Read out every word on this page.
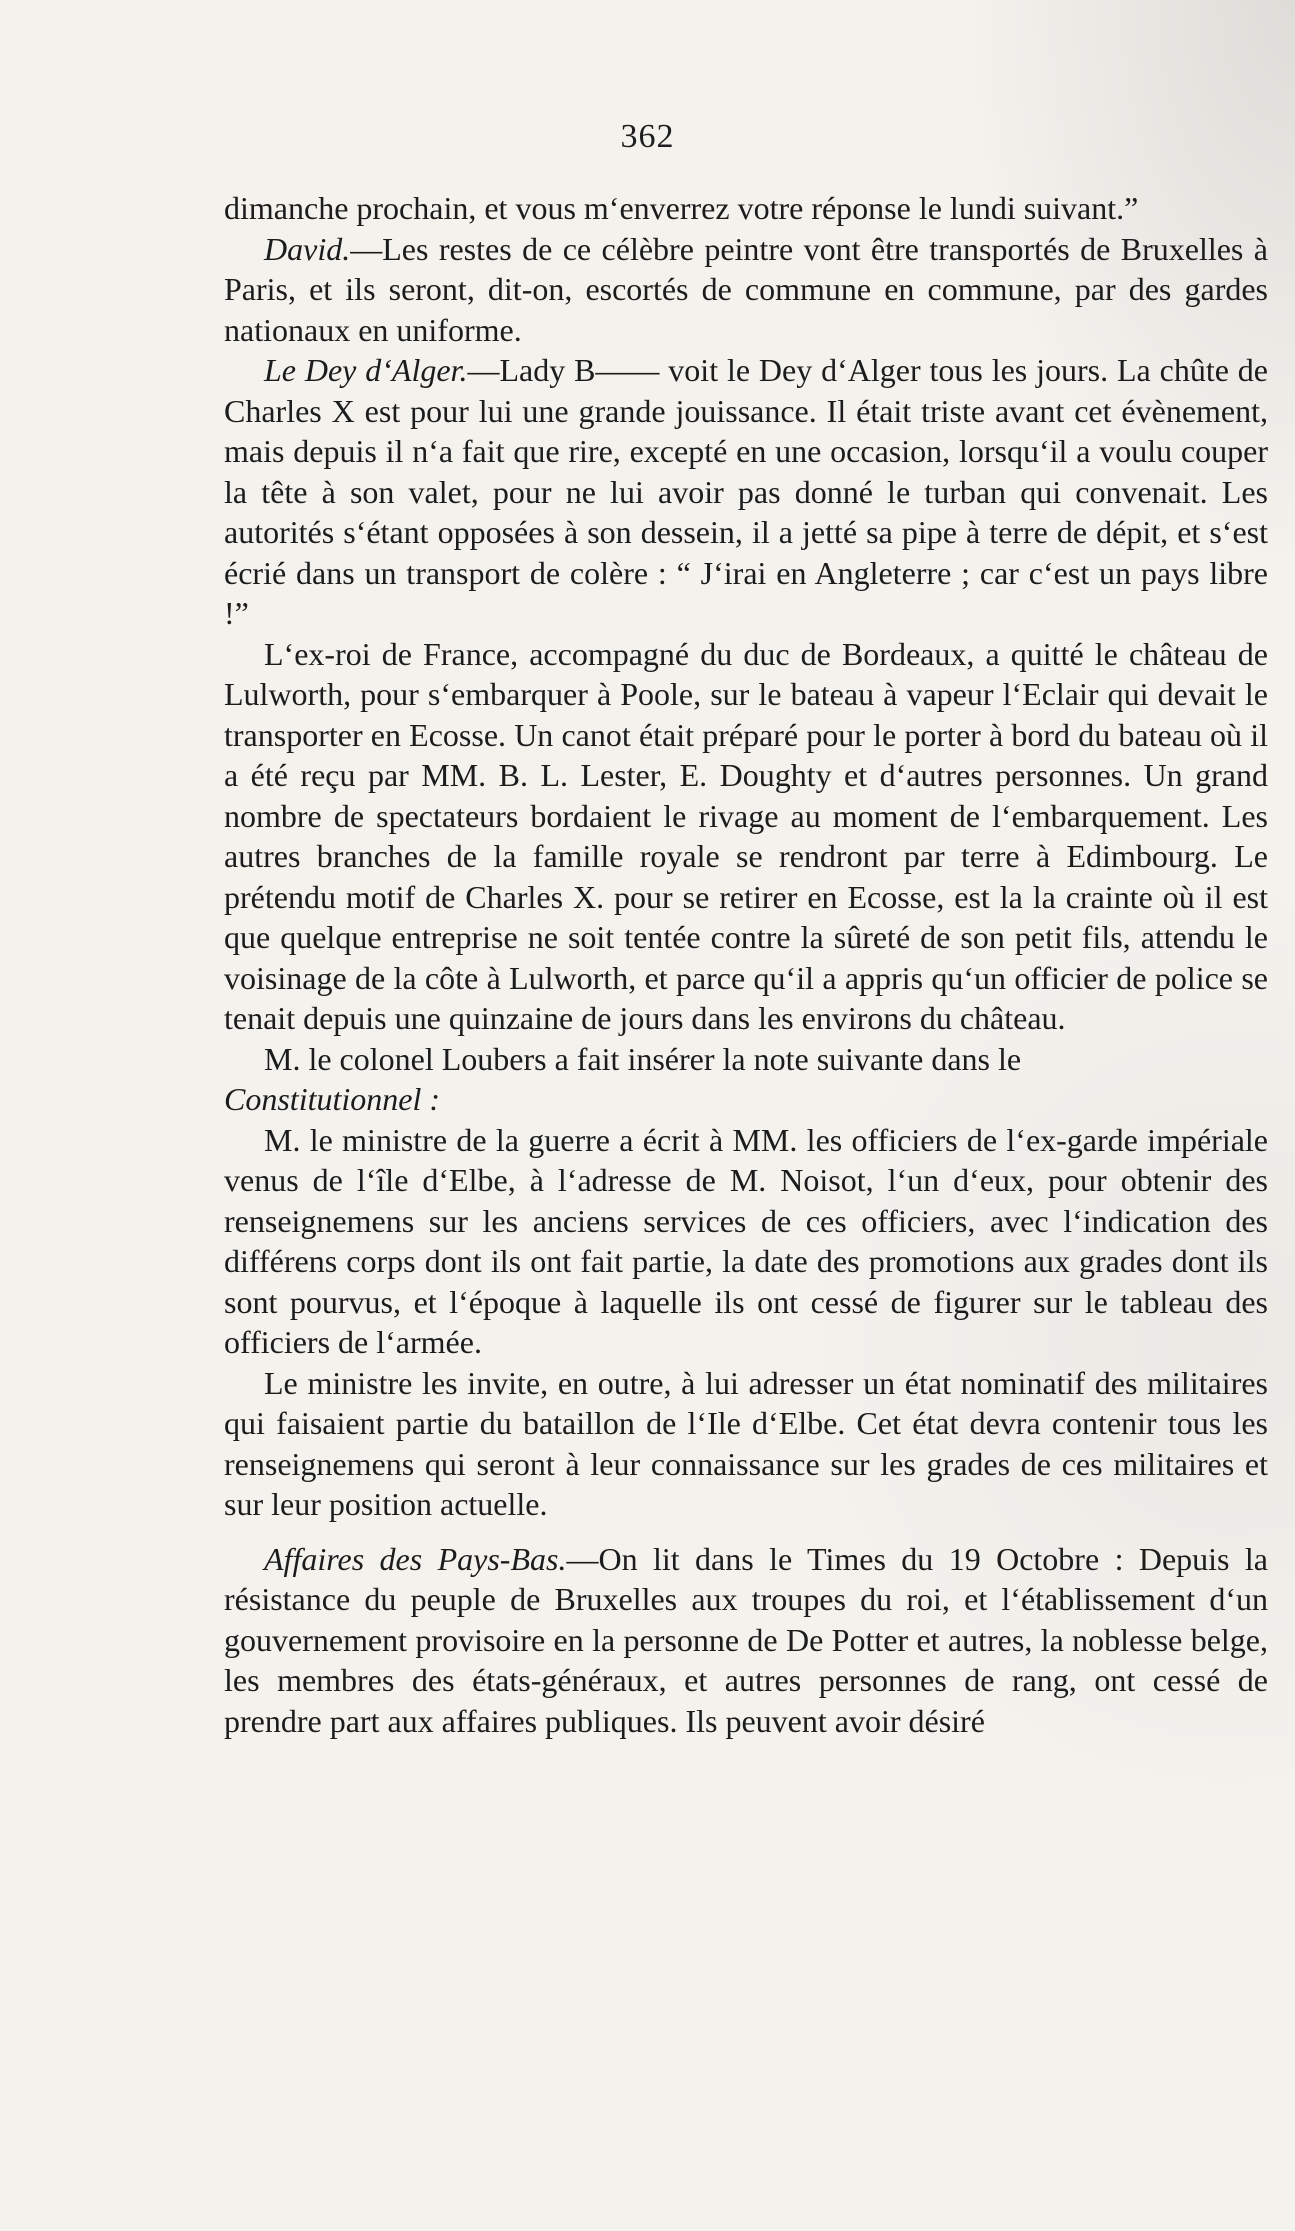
362

dimanche prochain, et vous m‘enverrez votre réponse le lundi suivant.”

David.—Les restes de ce célèbre peintre vont être transportés de Bruxelles à Paris, et ils seront, dit-on, escortés de commune en commune, par des gardes nationaux en uniforme.

Le Dey d‘Alger.—Lady B—— voit le Dey d‘Alger tous les jours. La chûte de Charles X est pour lui une grande jouissance. Il était triste avant cet évènement, mais depuis il n‘a fait que rire, excepté en une occasion, lorsqu‘il a voulu couper la tête à son valet, pour ne lui avoir pas donné le turban qui convenait. Les autorités s‘étant opposées à son dessein, il a jetté sa pipe à terre de dépit, et s‘est écrié dans un transport de colère : “ J‘irai en Angleterre ; car c‘est un pays libre !”

L‘ex-roi de France, accompagné du duc de Bordeaux, a quitté le château de Lulworth, pour s‘embarquer à Poole, sur le bateau à vapeur l‘Eclair qui devait le transporter en Ecosse. Un canot était préparé pour le porter à bord du bateau où il a été reçu par MM. B. L. Lester, E. Doughty et d‘autres personnes. Un grand nombre de spectateurs bordaient le rivage au moment de l‘embarquement. Les autres branches de la famille royale se rendront par terre à Edimbourg. Le prétendu motif de Charles X. pour se retirer en Ecosse, est la la crainte où il est que quelque entreprise ne soit tentée contre la sûreté de son petit fils, attendu le voisinage de la côte à Lulworth, et parce qu‘il a appris qu‘un officier de police se tenait depuis une quinzaine de jours dans les environs du château.

M. le colonel Loubers a fait insérer la note suivante dans le
Constitutionnel :

M. le ministre de la guerre a écrit à MM. les officiers de l‘ex-garde impériale venus de l‘île d‘Elbe, à l‘adresse de M. Noisot, l‘un d‘eux, pour obtenir des renseignemens sur les anciens services de ces officiers, avec l‘indication des différens corps dont ils ont fait partie, la date des promotions aux grades dont ils sont pourvus, et l‘époque à laquelle ils ont cessé de figurer sur le tableau des officiers de l‘armée.

Le ministre les invite, en outre, à lui adresser un état nominatif des militaires qui faisaient partie du bataillon de l‘Ile d‘Elbe. Cet état devra contenir tous les renseignemens qui seront à leur connaissance sur les grades de ces militaires et sur leur position actuelle.

Affaires des Pays-Bas.—On lit dans le Times du 19 Octobre : Depuis la résistance du peuple de Bruxelles aux troupes du roi, et l‘établissement d‘un gouvernement provisoire en la personne de De Potter et autres, la noblesse belge, les membres des états-généraux, et autres personnes de rang, ont cessé de prendre part aux affaires publiques. Ils peuvent avoir désiré
